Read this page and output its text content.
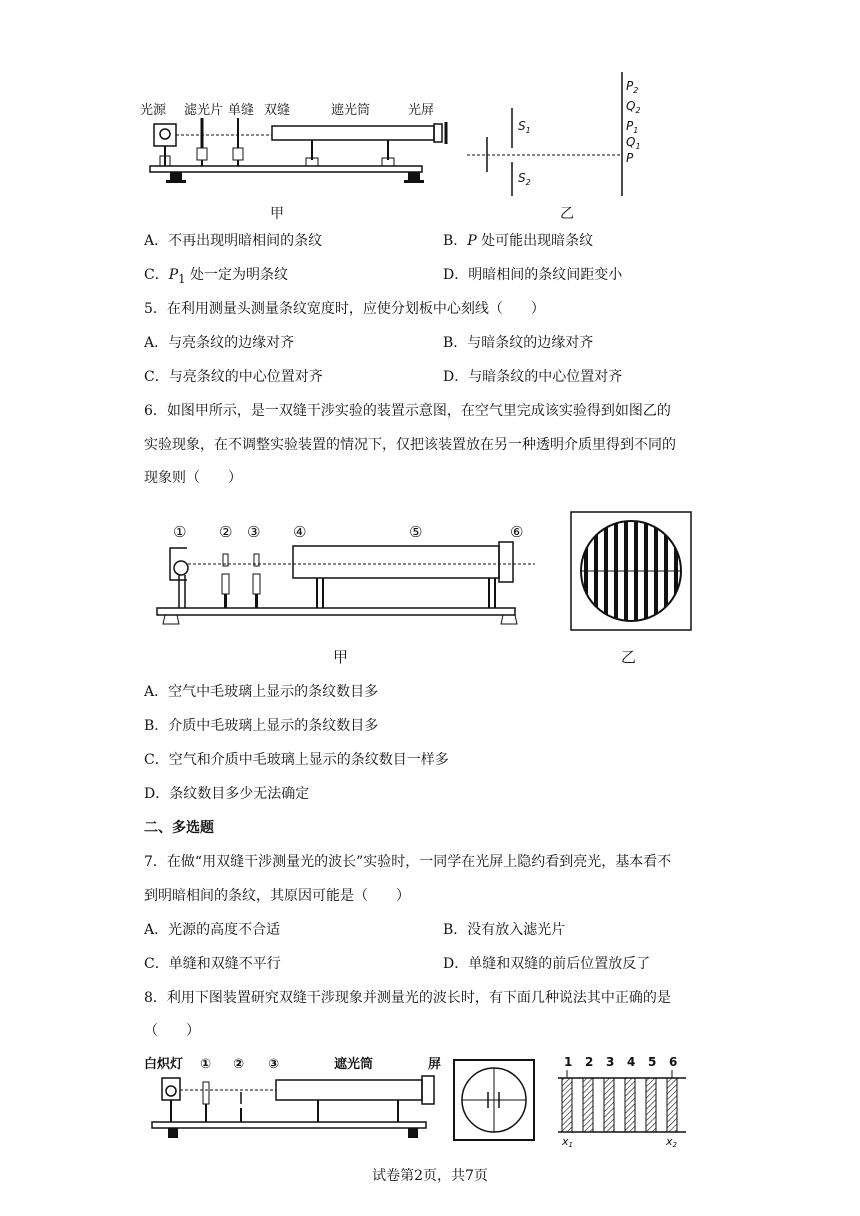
光源 滤光片 单缝 双缝	遮光筒	光屏
甲
$S_1$
$S_2$
$P_2$
$Q_2$
$P_1$
$Q_1$
P
乙
A．不再出现明暗相间的条纹	B．P 处可能出现暗条纹
C．$P_1$ 处一定为明条纹	D．明暗相间的条纹间距变小
5．在利用测量头测量条纹宽度时，应使分划板中心刻线（　　）
A．与亮条纹的边缘对齐	B．与暗条纹的边缘对齐
C．与亮条纹的中心位置对齐	D．与暗条纹的中心位置对齐
6．如图甲所示，是一双缝干涉实验的装置示意图，在空气里完成该实验得到如图乙的
实验现象，在不调整实验装置的情况下，仅把该装置放在另一种透明介质里得到不同的
现象则（　　）
① ② ③ ④	⑤	⑥
甲	乙
A．空气中毛玻璃上显示的条纹数目多
B．介质中毛玻璃上显示的条纹数目多
C．空气和介质中毛玻璃上显示的条纹数目一样多
D．条纹数目多少无法确定
二、多选题
7．在做“用双缝干涉测量光的波长”实验时，一同学在光屏上隐约看到亮光，基本看不
到明暗相间的条纹，其原因可能是（　　）
A．光源的高度不合适	B．没有放入滤光片
C．单缝和双缝不平行	D．单缝和双缝的前后位置放反了
8．利用下图装置研究双缝干涉现象并测量光的波长时，有下面几种说法其中正确的是
（　　）
白炽灯 ① ② ③	遮光筒	屏	1 2 3 4 5 6
x1	x2
试卷第2页，共7页
